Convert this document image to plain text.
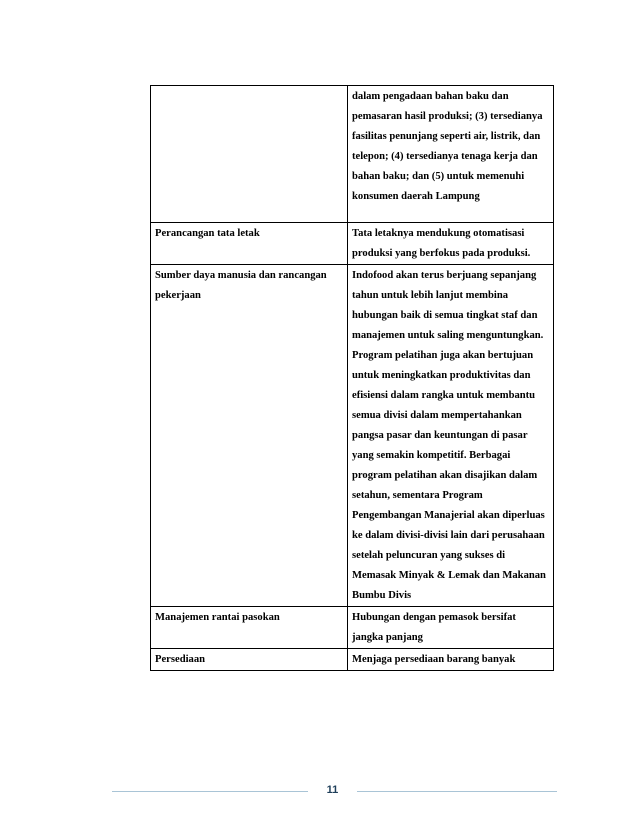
	dalam pengadaan bahan baku dan pemasaran hasil produksi; (3) tersedianya fasilitas penunjang seperti air, listrik, dan telepon; (4) tersedianya tenaga kerja dan bahan baku; dan (5) untuk memenuhi konsumen daerah Lampung

Perancangan tata letak	Tata letaknya mendukung otomatisasi produksi yang berfokus pada produksi.

Sumber daya manusia dan rancangan pekerjaan	Indofood akan terus berjuang sepanjang tahun untuk lebih lanjut membina hubungan baik di semua tingkat staf dan manajemen untuk saling menguntungkan. Program pelatihan juga akan bertujuan untuk meningkatkan produktivitas dan efisiensi dalam rangka untuk membantu semua divisi dalam mempertahankan pangsa pasar dan keuntungan di pasar yang semakin kompetitif. Berbagai program pelatihan akan disajikan dalam setahun, sementara Program Pengembangan Manajerial akan diperluas ke dalam divisi-divisi lain dari perusahaan setelah peluncuran yang sukses di Memasak Minyak & Lemak dan Makanan Bumbu Divis

Manajemen rantai pasokan	Hubungan dengan pemasok bersifat jangka panjang

Persediaan	Menjaga persediaan barang banyak
11
